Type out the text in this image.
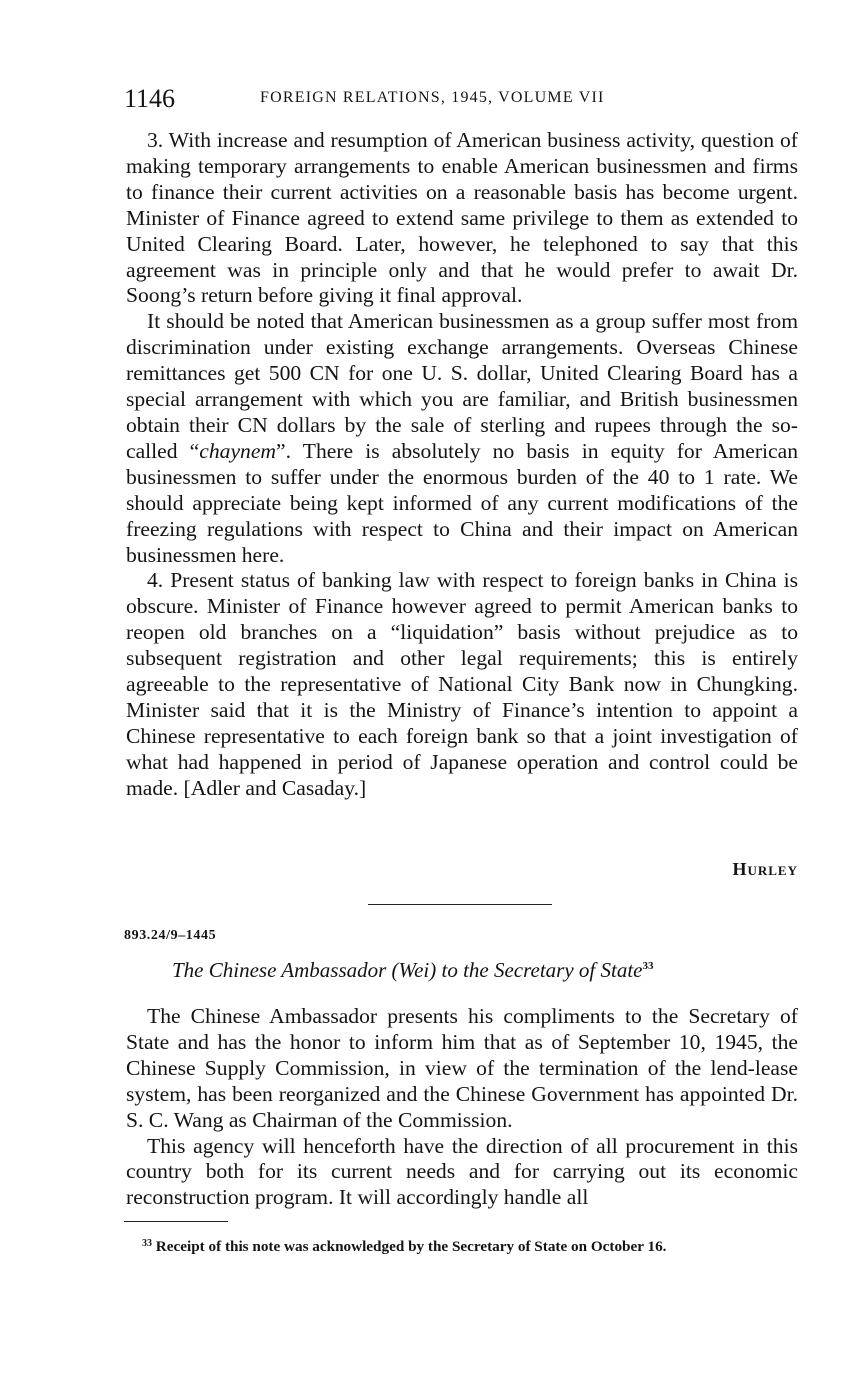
1146	FOREIGN RELATIONS, 1945, VOLUME VII

3. With increase and resumption of American business activity, question of making temporary arrangements to enable American businessmen and firms to finance their current activities on a reasonable basis has become urgent. Minister of Finance agreed to extend same privilege to them as extended to United Clearing Board. Later, however, he telephoned to say that this agreement was in principle only and that he would prefer to await Dr. Soong’s return before giving it final approval.

It should be noted that American businessmen as a group suffer most from discrimination under existing exchange arrangements. Overseas Chinese remittances get 500 CN for one U. S. dollar, United Clearing Board has a special arrangement with which you are familiar, and British businessmen obtain their CN dollars by the sale of sterling and rupees through the so-called “chaynem”. There is absolutely no basis in equity for American businessmen to suffer under the enormous burden of the 40 to 1 rate. We should appreciate being kept informed of any current modifications of the freezing regulations with respect to China and their impact on American businessmen here.

4. Present status of banking law with respect to foreign banks in China is obscure. Minister of Finance however agreed to permit American banks to reopen old branches on a “liquidation” basis without prejudice as to subsequent registration and other legal requirements; this is entirely agreeable to the representative of National City Bank now in Chungking. Minister said that it is the Ministry of Finance’s intention to appoint a Chinese representative to each foreign bank so that a joint investigation of what had happened in period of Japanese operation and control could be made. [Adler and Casaday.]

HURLEY
893.24/9–1445
The Chinese Ambassador (Wei) to the Secretary of State$^{33}$

The Chinese Ambassador presents his compliments to the Secretary of State and has the honor to inform him that as of September 10, 1945, the Chinese Supply Commission, in view of the termination of the lend-lease system, has been reorganized and the Chinese Government has appointed Dr. S. C. Wang as Chairman of the Commission.

This agency will henceforth have the direction of all procurement in this country both for its current needs and for carrying out its economic reconstruction program. It will accordingly handle all

$^{33}$ Receipt of this note was acknowledged by the Secretary of State on October 16.
